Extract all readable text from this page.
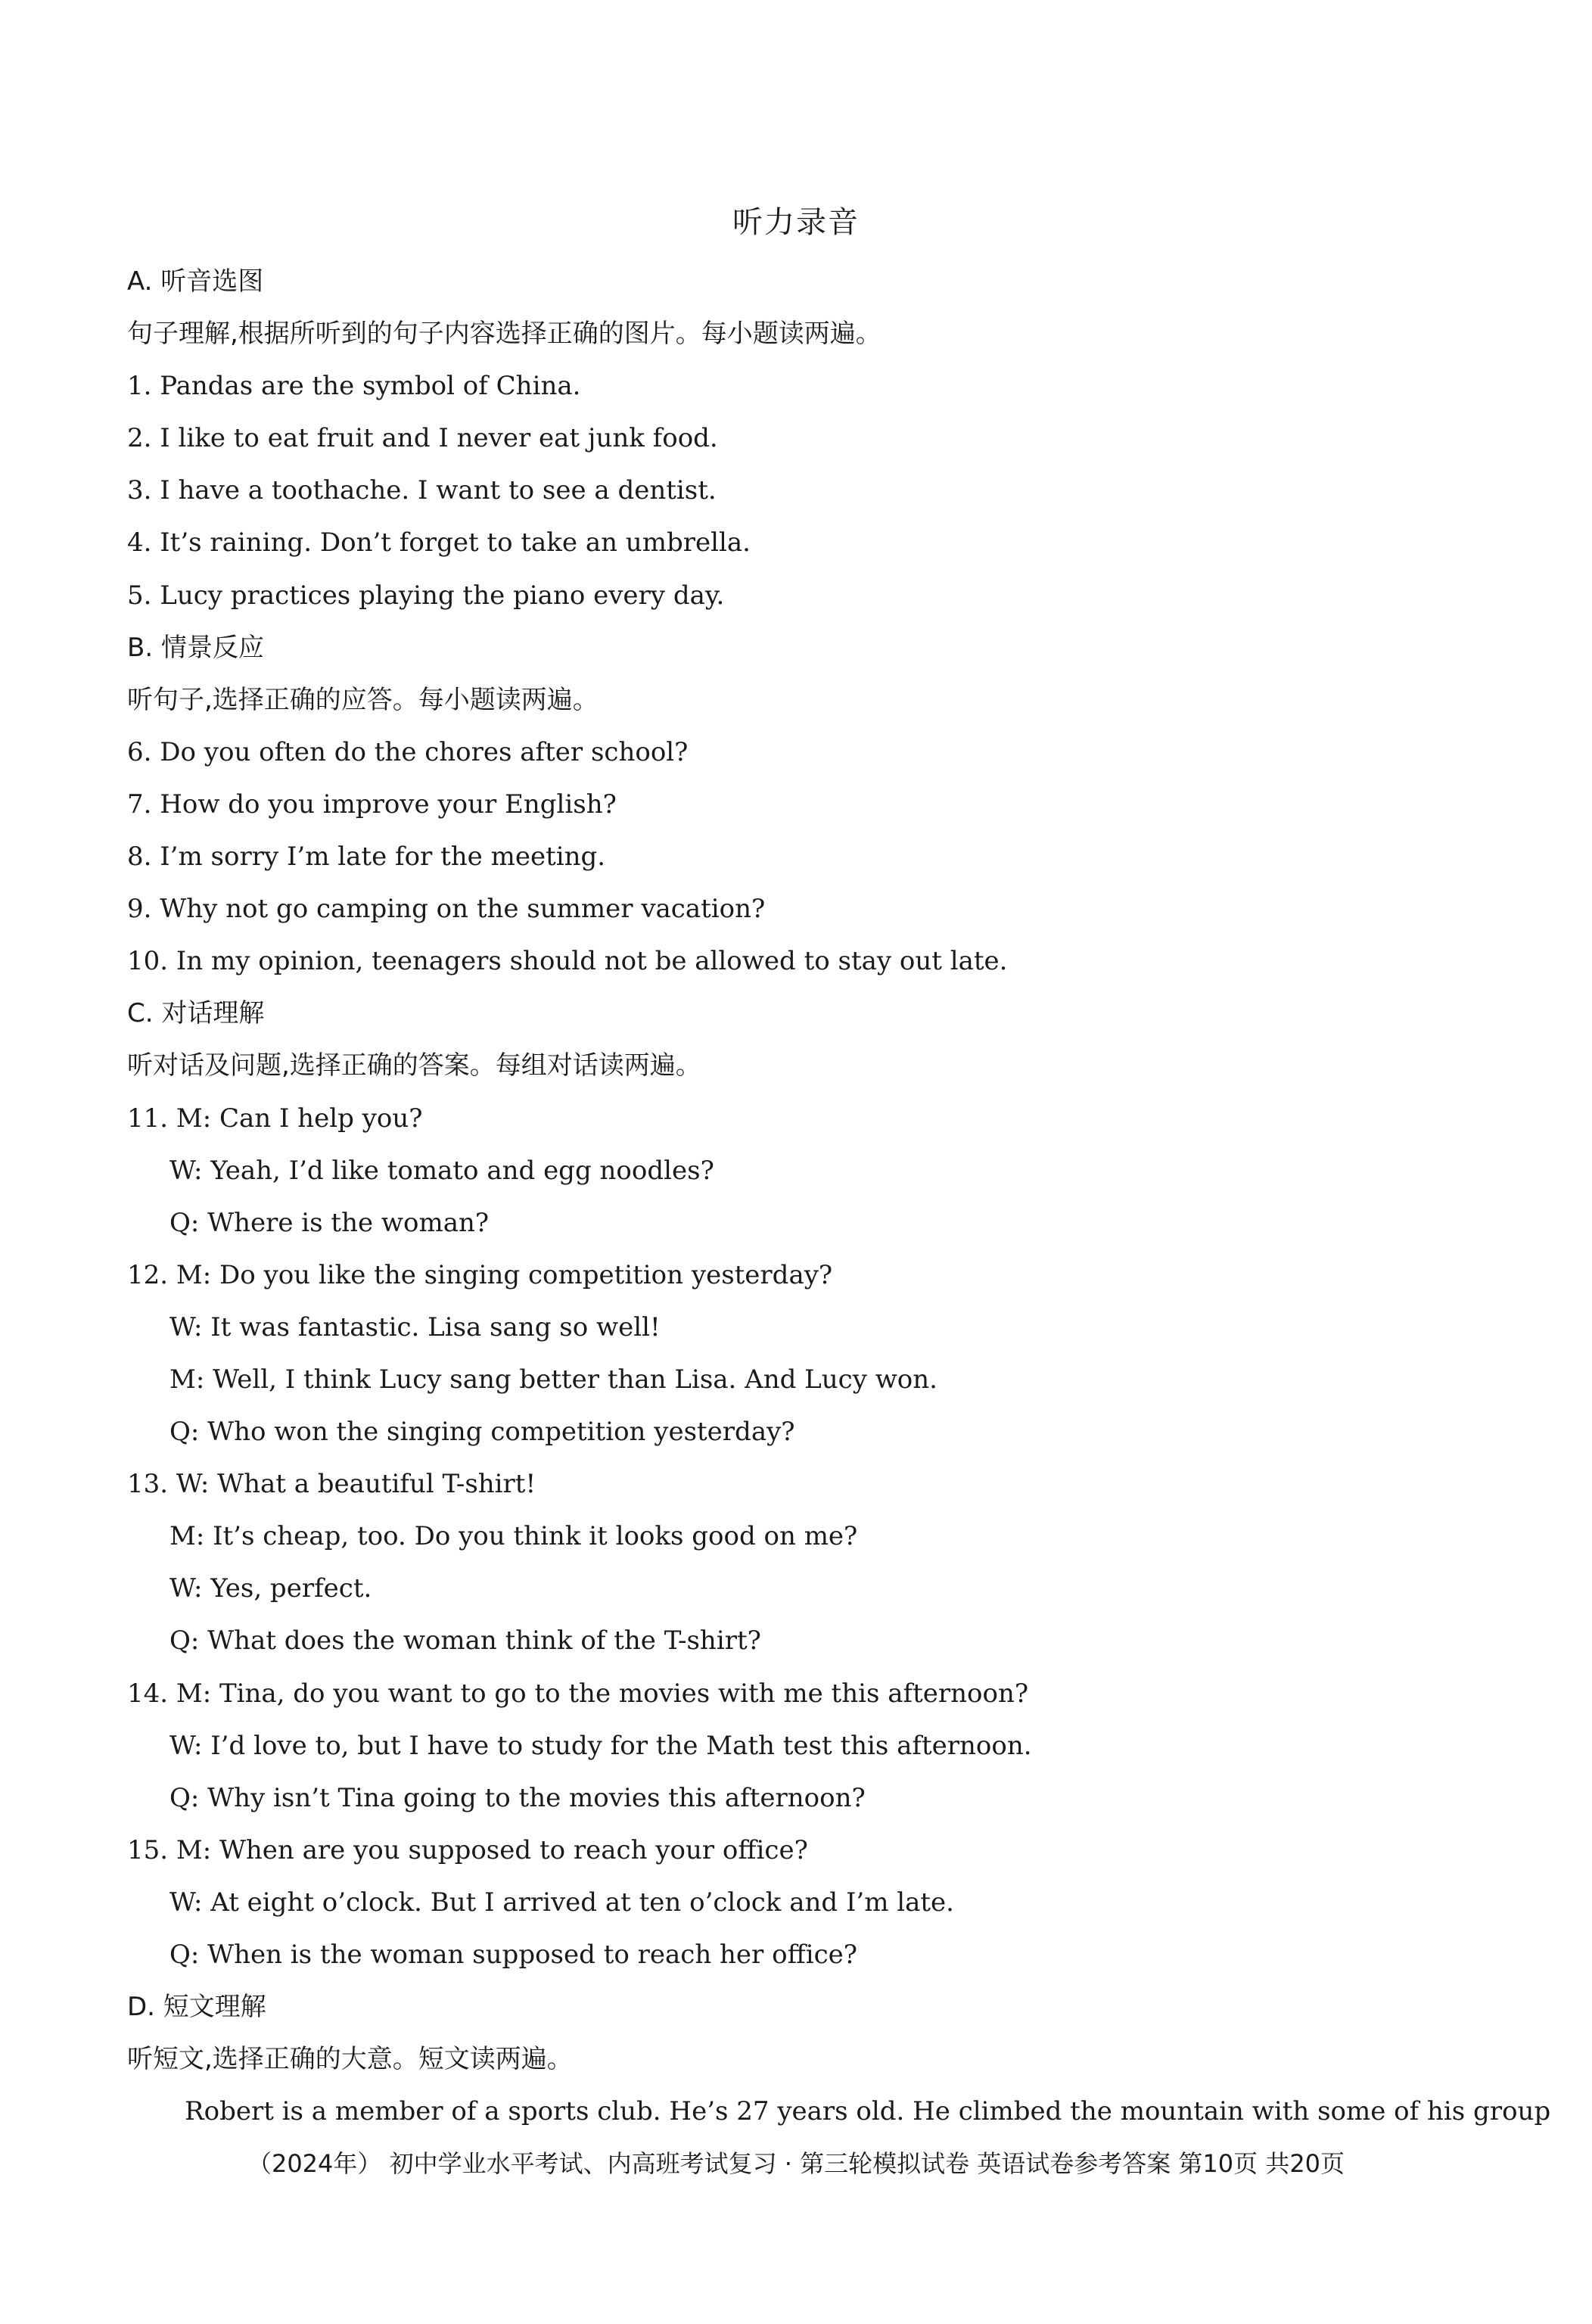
听力录音
A. 听音选图
句子理解,根据所听到的句子内容选择正确的图片。每小题读两遍。
1. Pandas are the symbol of China.
2. I like to eat fruit and I never eat junk food.
3. I have a toothache. I want to see a dentist.
4. It’s raining. Don’t forget to take an umbrella.
5. Lucy practices playing the piano every day.
B. 情景反应
听句子,选择正确的应答。每小题读两遍。
6. Do you often do the chores after school?
7. How do you improve your English?
8. I’m sorry I’m late for the meeting.
9. Why not go camping on the summer vacation?
10. In my opinion, teenagers should not be allowed to stay out late.
C. 对话理解
听对话及问题,选择正确的答案。每组对话读两遍。
11. M: Can I help you?
W: Yeah, I’d like tomato and egg noodles?
Q: Where is the woman?
12. M: Do you like the singing competition yesterday?
W: It was fantastic. Lisa sang so well!
M: Well, I think Lucy sang better than Lisa. And Lucy won.
Q: Who won the singing competition yesterday?
13. W: What a beautiful T-shirt!
M: It’s cheap, too. Do you think it looks good on me?
W: Yes, perfect.
Q: What does the woman think of the T-shirt?
14. M: Tina, do you want to go to the movies with me this afternoon?
W: I’d love to, but I have to study for the Math test this afternoon.
Q: Why isn’t Tina going to the movies this afternoon?
15. M: When are you supposed to reach your office?
W: At eight o’clock. But I arrived at ten o’clock and I’m late.
Q: When is the woman supposed to reach her office?
D. 短文理解
听短文,选择正确的大意。短文读两遍。
Robert is a member of a sports club. He’s 27 years old. He climbed the mountain with some of his group
（2024年） 初中学业水平考试、内高班考试复习 · 第三轮模拟试卷 英语试卷参考答案 第10页 共20页
